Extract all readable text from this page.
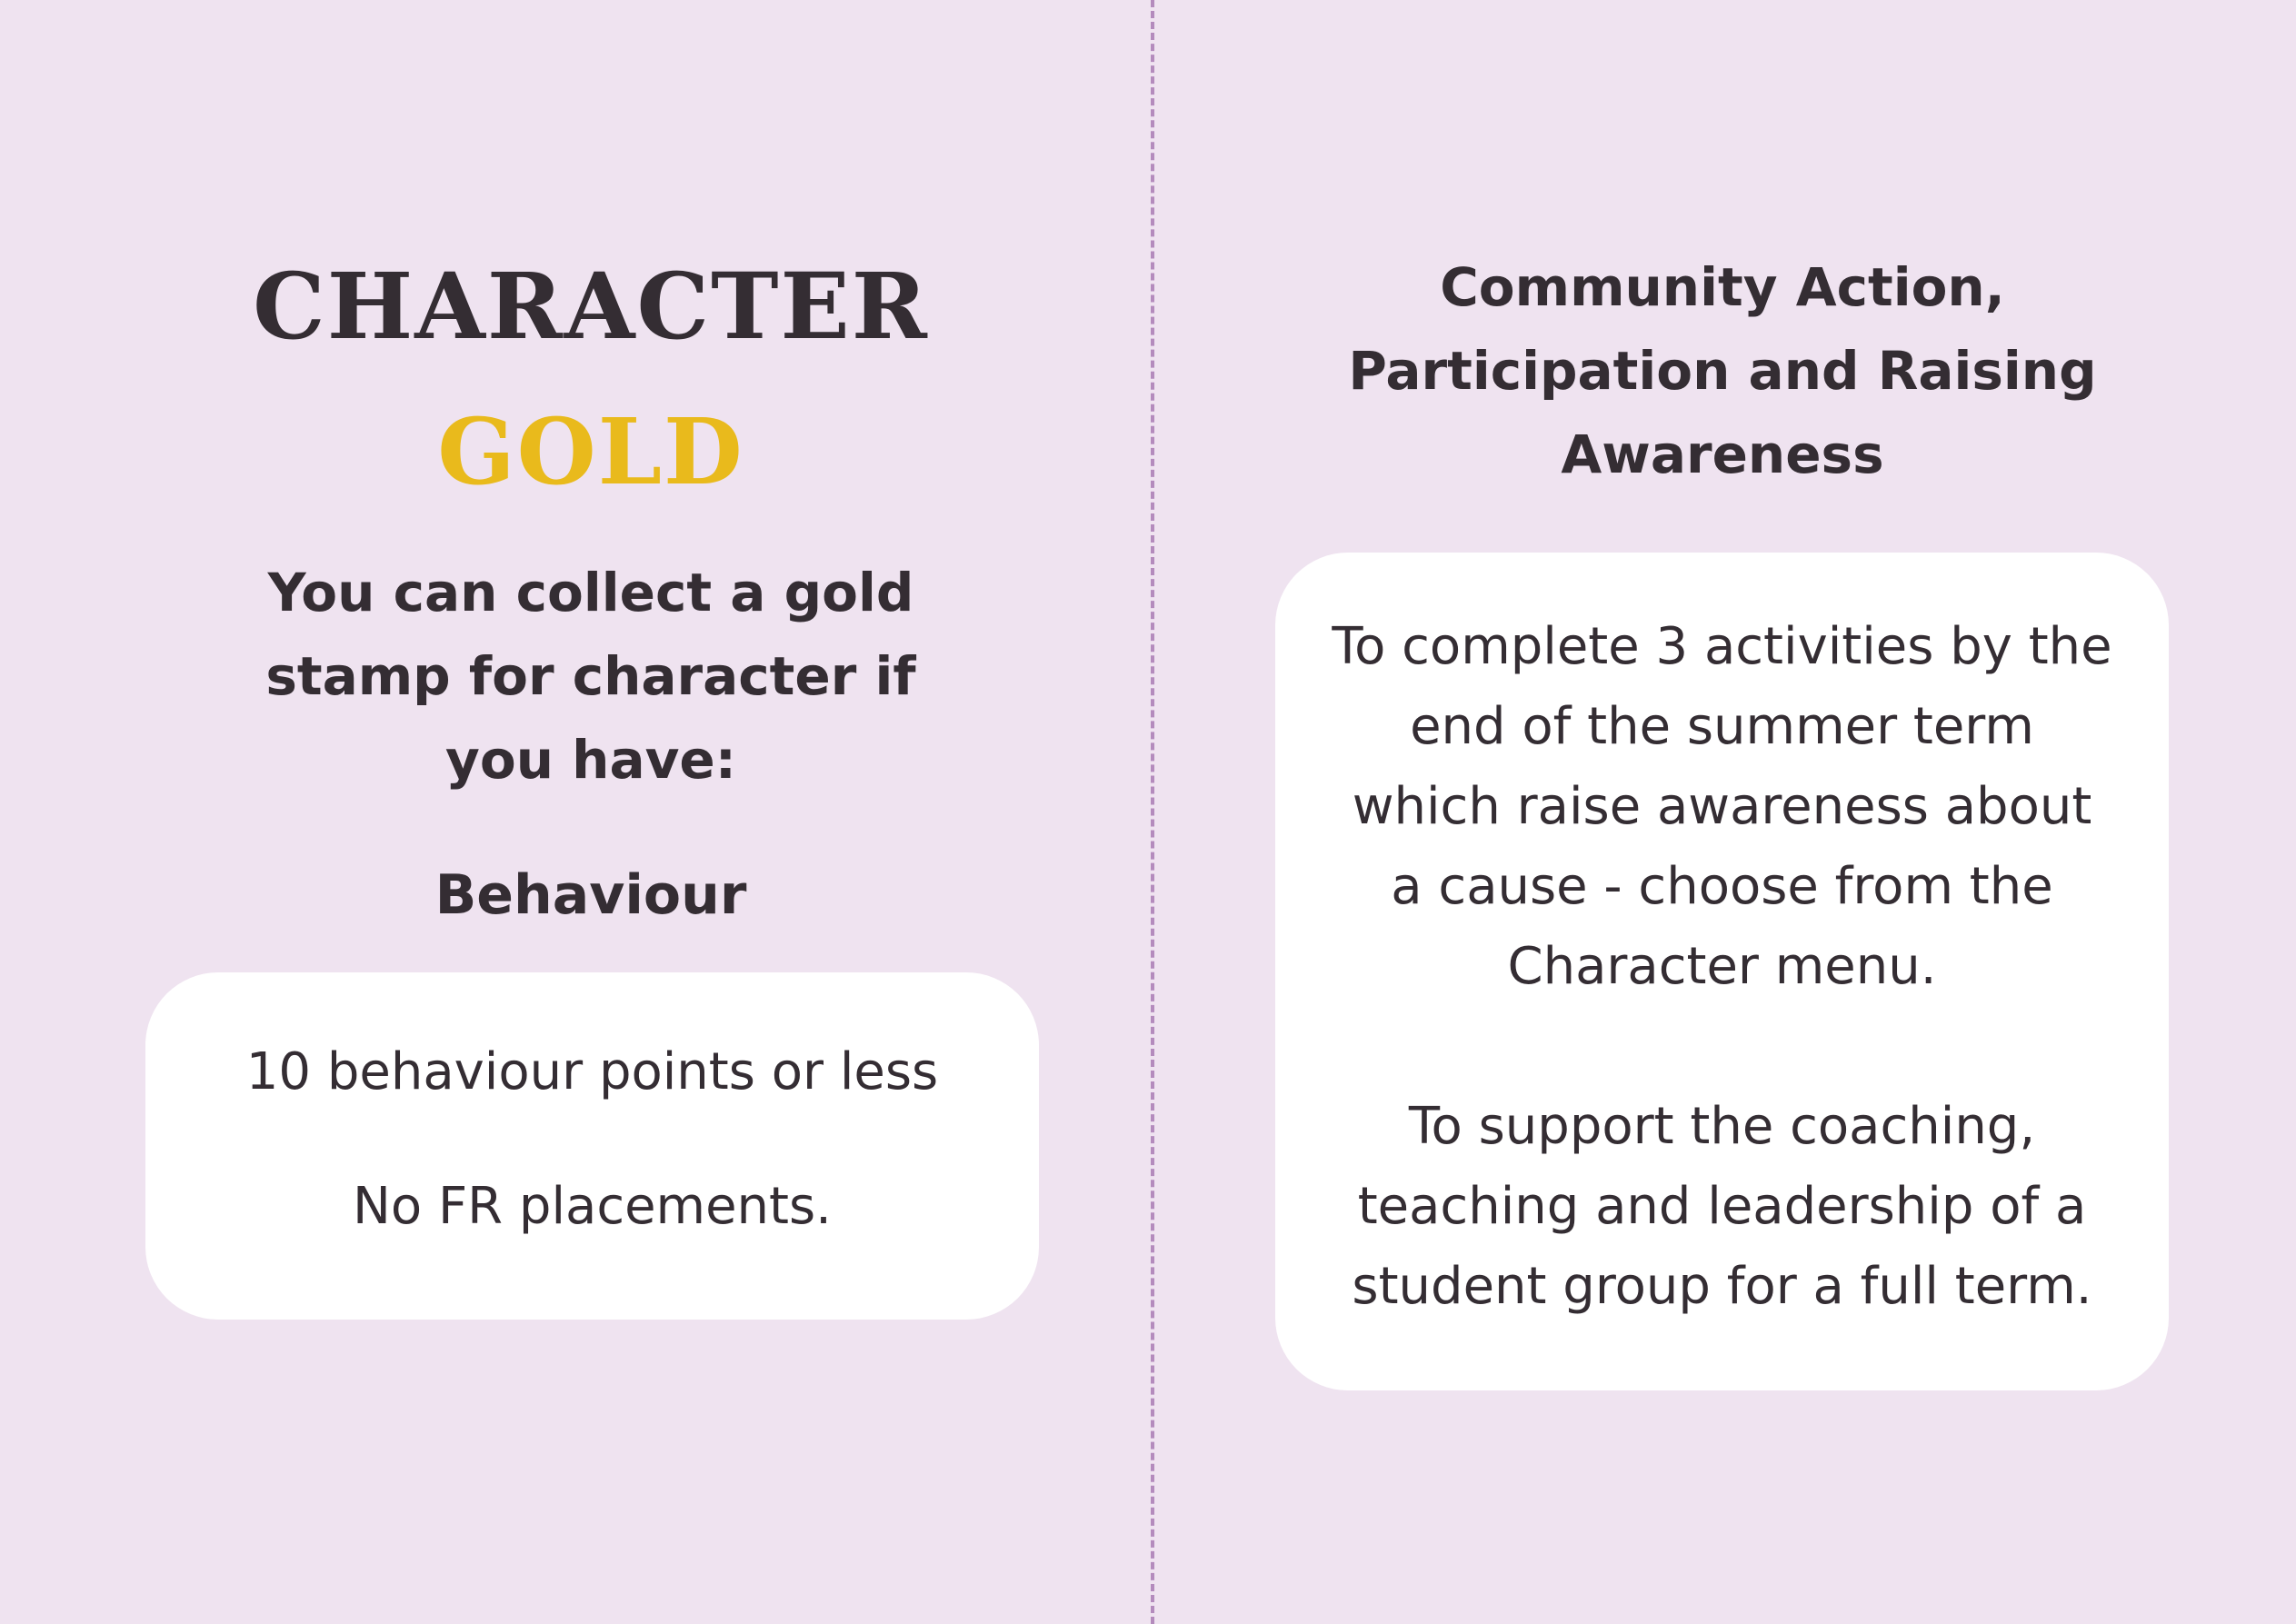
CHARACTER
GOLD

You can collect a gold stamp for character if you have:

Behaviour

10 behaviour points or less

No FR placements.

Community Action, Participation and Raising Awareness

To complete 3 activities by the end of the summer term which raise awareness about a cause - choose from the Character menu.

To support the coaching, teaching and leadership of a student group for a full term.
